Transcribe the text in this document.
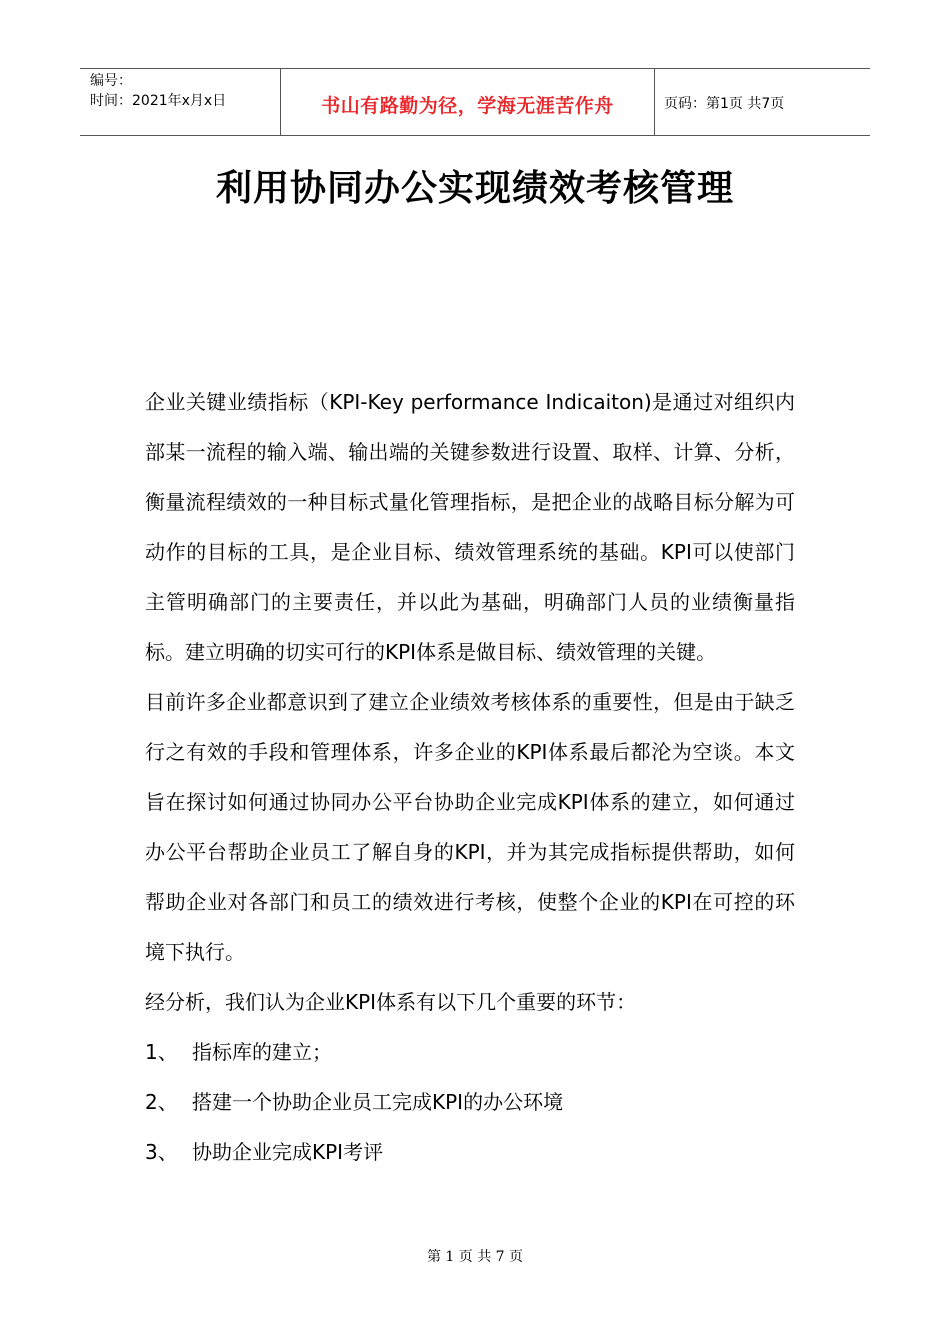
编号：
时间：2021年x月x日	书山有路勤为径，学海无涯苦作舟	页码：第1页 共7页
利用协同办公实现绩效考核管理

企业关键业绩指标（KPI-Key performance Indicaiton)是通过对组织内部某一流程的输入端、输出端的关键参数进行设置、取样、计算、分析，衡量流程绩效的一种目标式量化管理指标，是把企业的战略目标分解为可动作的目标的工具，是企业目标、绩效管理系统的基础。KPI可以使部门主管明确部门的主要责任，并以此为基础，明确部门人员的业绩衡量指标。建立明确的切实可行的KPI体系是做目标、绩效管理的关键。

目前许多企业都意识到了建立企业绩效考核体系的重要性，但是由于缺乏行之有效的手段和管理体系，许多企业的KPI体系最后都沦为空谈。本文旨在探讨如何通过协同办公平台协助企业完成KPI体系的建立，如何通过办公平台帮助企业员工了解自身的KPI，并为其完成指标提供帮助，如何帮助企业对各部门和员工的绩效进行考核，使整个企业的KPI在可控的环境下执行。

经分析，我们认为企业KPI体系有以下几个重要的环节：

1、 指标库的建立；
2、 搭建一个协助企业员工完成KPI的办公环境
3、 协助企业完成KPI考评
第 1 页 共 7 页
